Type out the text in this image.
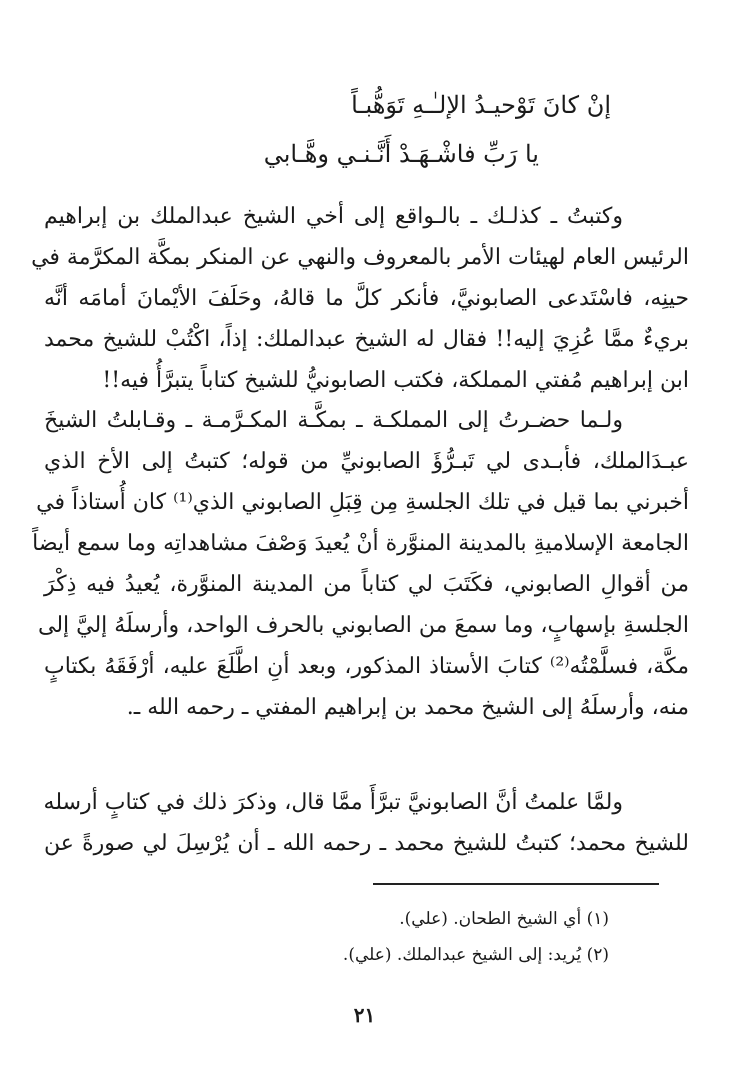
إنْ كانَ تَوْحيـدُ الإلـٰـهِ تَوَهُّبـاً
يا رَبِّ فاشْـهَـدْ أَنَّـنـي وهَّـابي
وكتبتُ ـ كذلـك ـ بالـواقع إلى أخي الشيخ عبدالملك بن إبراهيم
الرئيس العام لهيئات الأمر بالمعروف والنهي عن المنكر بمكَّة المكرَّمة في
حينِه، فاسْتَدعى الصابونيَّ، فأنكر كلَّ ما قالهُ، وحَلَفَ الأيْمانَ أمامَه أنَّه
بريءٌ ممَّا عُزِيَ إليه!! فقال له الشيخ عبدالملك: إذاً، اكْتُبْ للشيخ محمد
ابن إبراهيم مُفتي المملكة، فكتب الصابونيُّ للشيخ كتاباً يتبرَّأُ فيه!!
ولـما حضـرتُ إلى المملكـة ـ بمكَّـة المكـرَّمـة ـ وقـابلتُ الشيخَ
عبـدَالملك، فأبـدى لي تَبـرُّؤَ الصابونيِّ من قوله؛ كتبتُ إلى الأخ الذي
أخبرني بما قيل في تلك الجلسةِ مِن قِبَلِ الصابوني الذي⁽¹⁾ كان أُستاذاً في
الجامعة الإسلاميةِ بالمدينة المنوَّرة أنْ يُعيدَ وَصْفَ مشاهداتِه وما سمع أيضاً
من أقوالِ الصابوني، فكَتَبَ لي كتاباً من المدينة المنوَّرة، يُعيدُ فيه ذِكْرَ
الجلسةِ بإسهابٍ، وما سمعَ من الصابوني بالحرف الواحد، وأرسلَهُ إليَّ إلى
مكَّة، فسلَّمْتُه⁽²⁾ كتابَ الأستاذ المذكور، وبعد أنِ اطَّلَعَ عليه، أرْفَقَهُ بكتابٍ
منه، وأرسلَهُ إلى الشيخ محمد بن إبراهيم المفتي ـ رحمه الله ـ.
ولمَّا علمتُ أنَّ الصابونيَّ تبرَّأَ ممَّا قال، وذكرَ ذلك في كتابٍ أرسله
للشيخ محمد؛ كتبتُ للشيخ محمد ـ رحمه الله ـ أن يُرْسِلَ لي صورةً عن
(١) أي الشيخ الطحان. (علي).
(٢) يُريد: إلى الشيخ عبدالملك. (علي).
٢١
